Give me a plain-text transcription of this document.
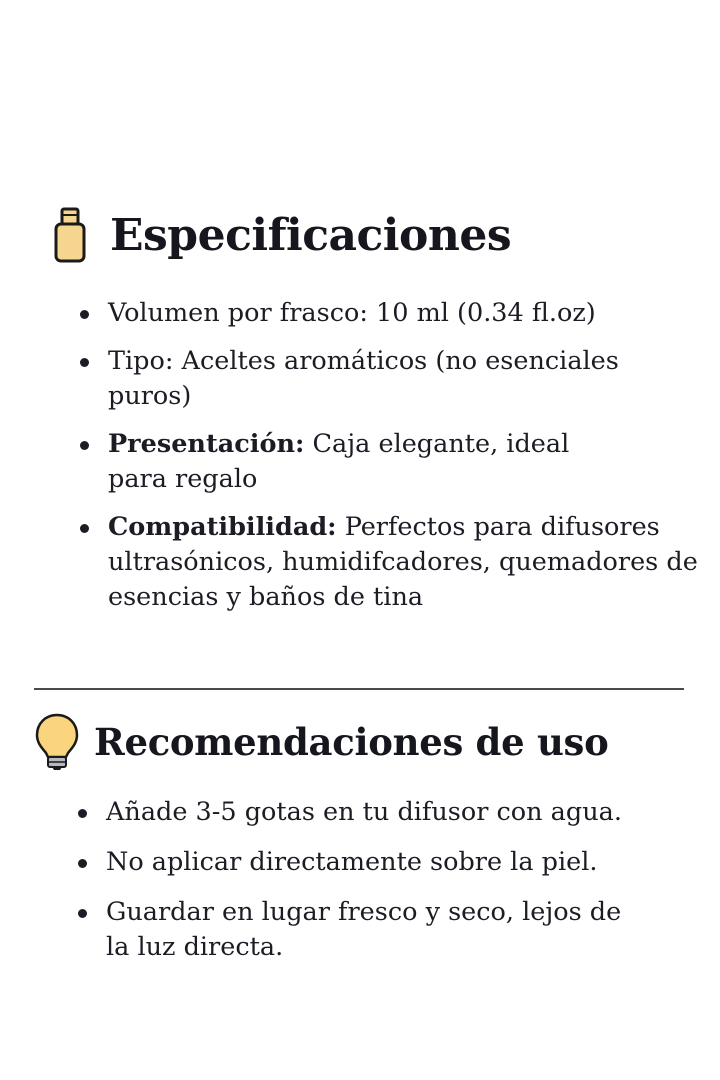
Especificaciones
Volumen por frasco: 10 ml (0.34 fl.oz)
Tipo: Aceltes aromáticos (no esenciales puros)
Presentación: Caja elegante, ideal para regalo
Compatibilidad: Perfectos para difusores ultrasónicos, humidifcadores, quemadores de esencias y baños de tina
Recomendaciones de uso
Añade 3-5 gotas en tu difusor con agua.
No aplicar directamente sobre la piel.
Guardar en lugar fresco y seco, lejos de la luz directa.
